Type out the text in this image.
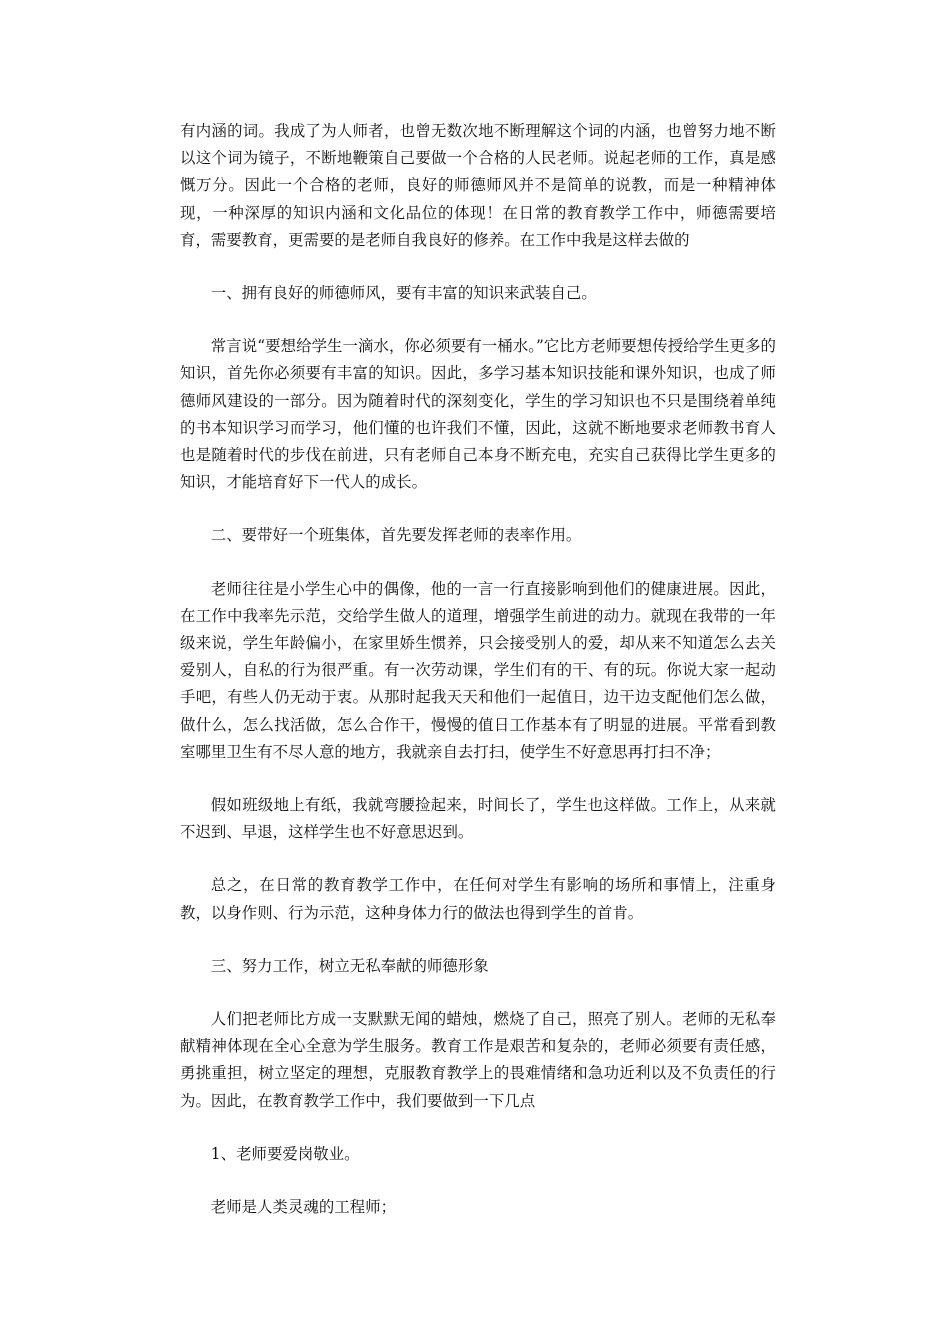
有内涵的词。我成了为人师者，也曾无数次地不断理解这个词的内涵，也曾努力地不断以这个词为镜子，不断地鞭策自己要做一个合格的人民老师。说起老师的工作，真是感慨万分。因此一个合格的老师，良好的师德师风并不是简单的说教，而是一种精神体现，一种深厚的知识内涵和文化品位的体现！在日常的教育教学工作中，师德需要培育，需要教育，更需要的是老师自我良好的修养。在工作中我是这样去做的

一、拥有良好的师德师风，要有丰富的知识来武装自己。

常言说“要想给学生一滴水，你必须要有一桶水。”它比方老师要想传授给学生更多的知识，首先你必须要有丰富的知识。因此，多学习基本知识技能和课外知识，也成了师德师风建设的一部分。因为随着时代的深刻变化，学生的学习知识也不只是围绕着单纯的书本知识学习而学习，他们懂的也许我们不懂，因此，这就不断地要求老师教书育人也是随着时代的步伐在前进，只有老师自己本身不断充电，充实自己获得比学生更多的知识，才能培育好下一代人的成长。

二、要带好一个班集体，首先要发挥老师的表率作用。

老师往往是小学生心中的偶像，他的一言一行直接影响到他们的健康进展。因此，在工作中我率先示范，交给学生做人的道理，增强学生前进的动力。就现在我带的一年级来说，学生年龄偏小，在家里娇生惯养，只会接受别人的爱，却从来不知道怎么去关爱别人，自私的行为很严重。有一次劳动课，学生们有的干、有的玩。你说大家一起动手吧，有些人仍无动于衷。从那时起我天天和他们一起值日，边干边支配他们怎么做，做什么，怎么找活做，怎么合作干，慢慢的值日工作基本有了明显的进展。平常看到教室哪里卫生有不尽人意的地方，我就亲自去打扫，使学生不好意思再打扫不净；

假如班级地上有纸，我就弯腰捡起来，时间长了，学生也这样做。工作上，从来就不迟到、早退，这样学生也不好意思迟到。

总之，在日常的教育教学工作中，在任何对学生有影响的场所和事情上，注重身教，以身作则、行为示范，这种身体力行的做法也得到学生的首肯。

三、努力工作，树立无私奉献的师德形象

人们把老师比方成一支默默无闻的蜡烛，燃烧了自己，照亮了别人。老师的无私奉献精神体现在全心全意为学生服务。教育工作是艰苦和复杂的，老师必须要有责任感，勇挑重担，树立坚定的理想，克服教育教学上的畏难情绪和急功近利以及不负责任的行为。因此，在教育教学工作中，我们要做到一下几点

1、老师要爱岗敬业。

老师是人类灵魂的工程师；
